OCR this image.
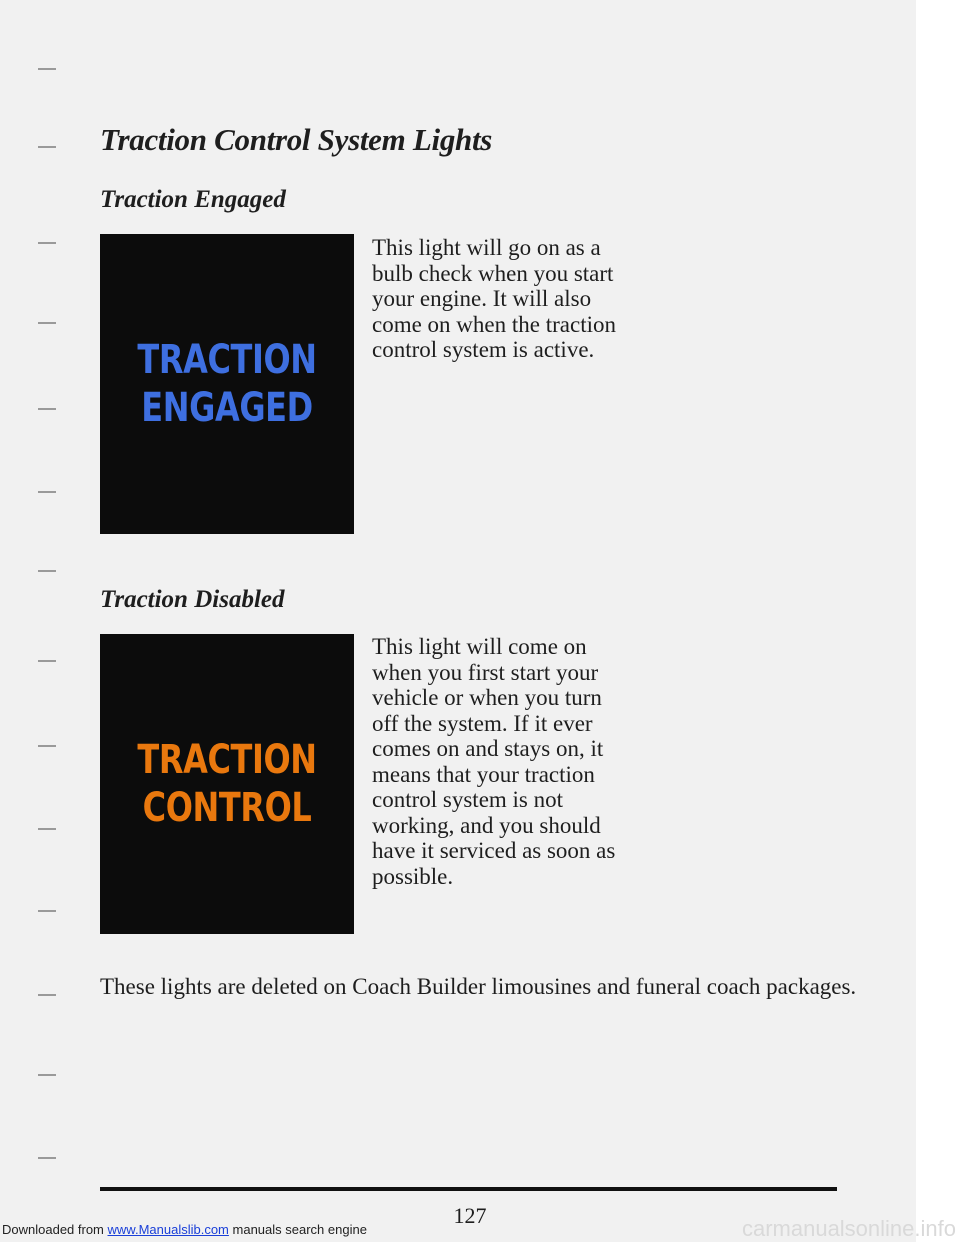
Traction Control System Lights
Traction Engaged
TRACTION
ENGAGED

This light will go on as a bulb check when you start your engine. It will also come on when the traction control system is active.

Traction Disabled
TRACTION
CONTROL

This light will come on when you first start your vehicle or when you turn off the system. If it ever comes on and stays on, it means that your traction control system is not working, and you should have it serviced as soon as possible.

These lights are deleted on Coach Builder limousines and funeral coach packages.

127
Downloaded from www.Manualslib.com manuals search engine	carmanualsonline.info
